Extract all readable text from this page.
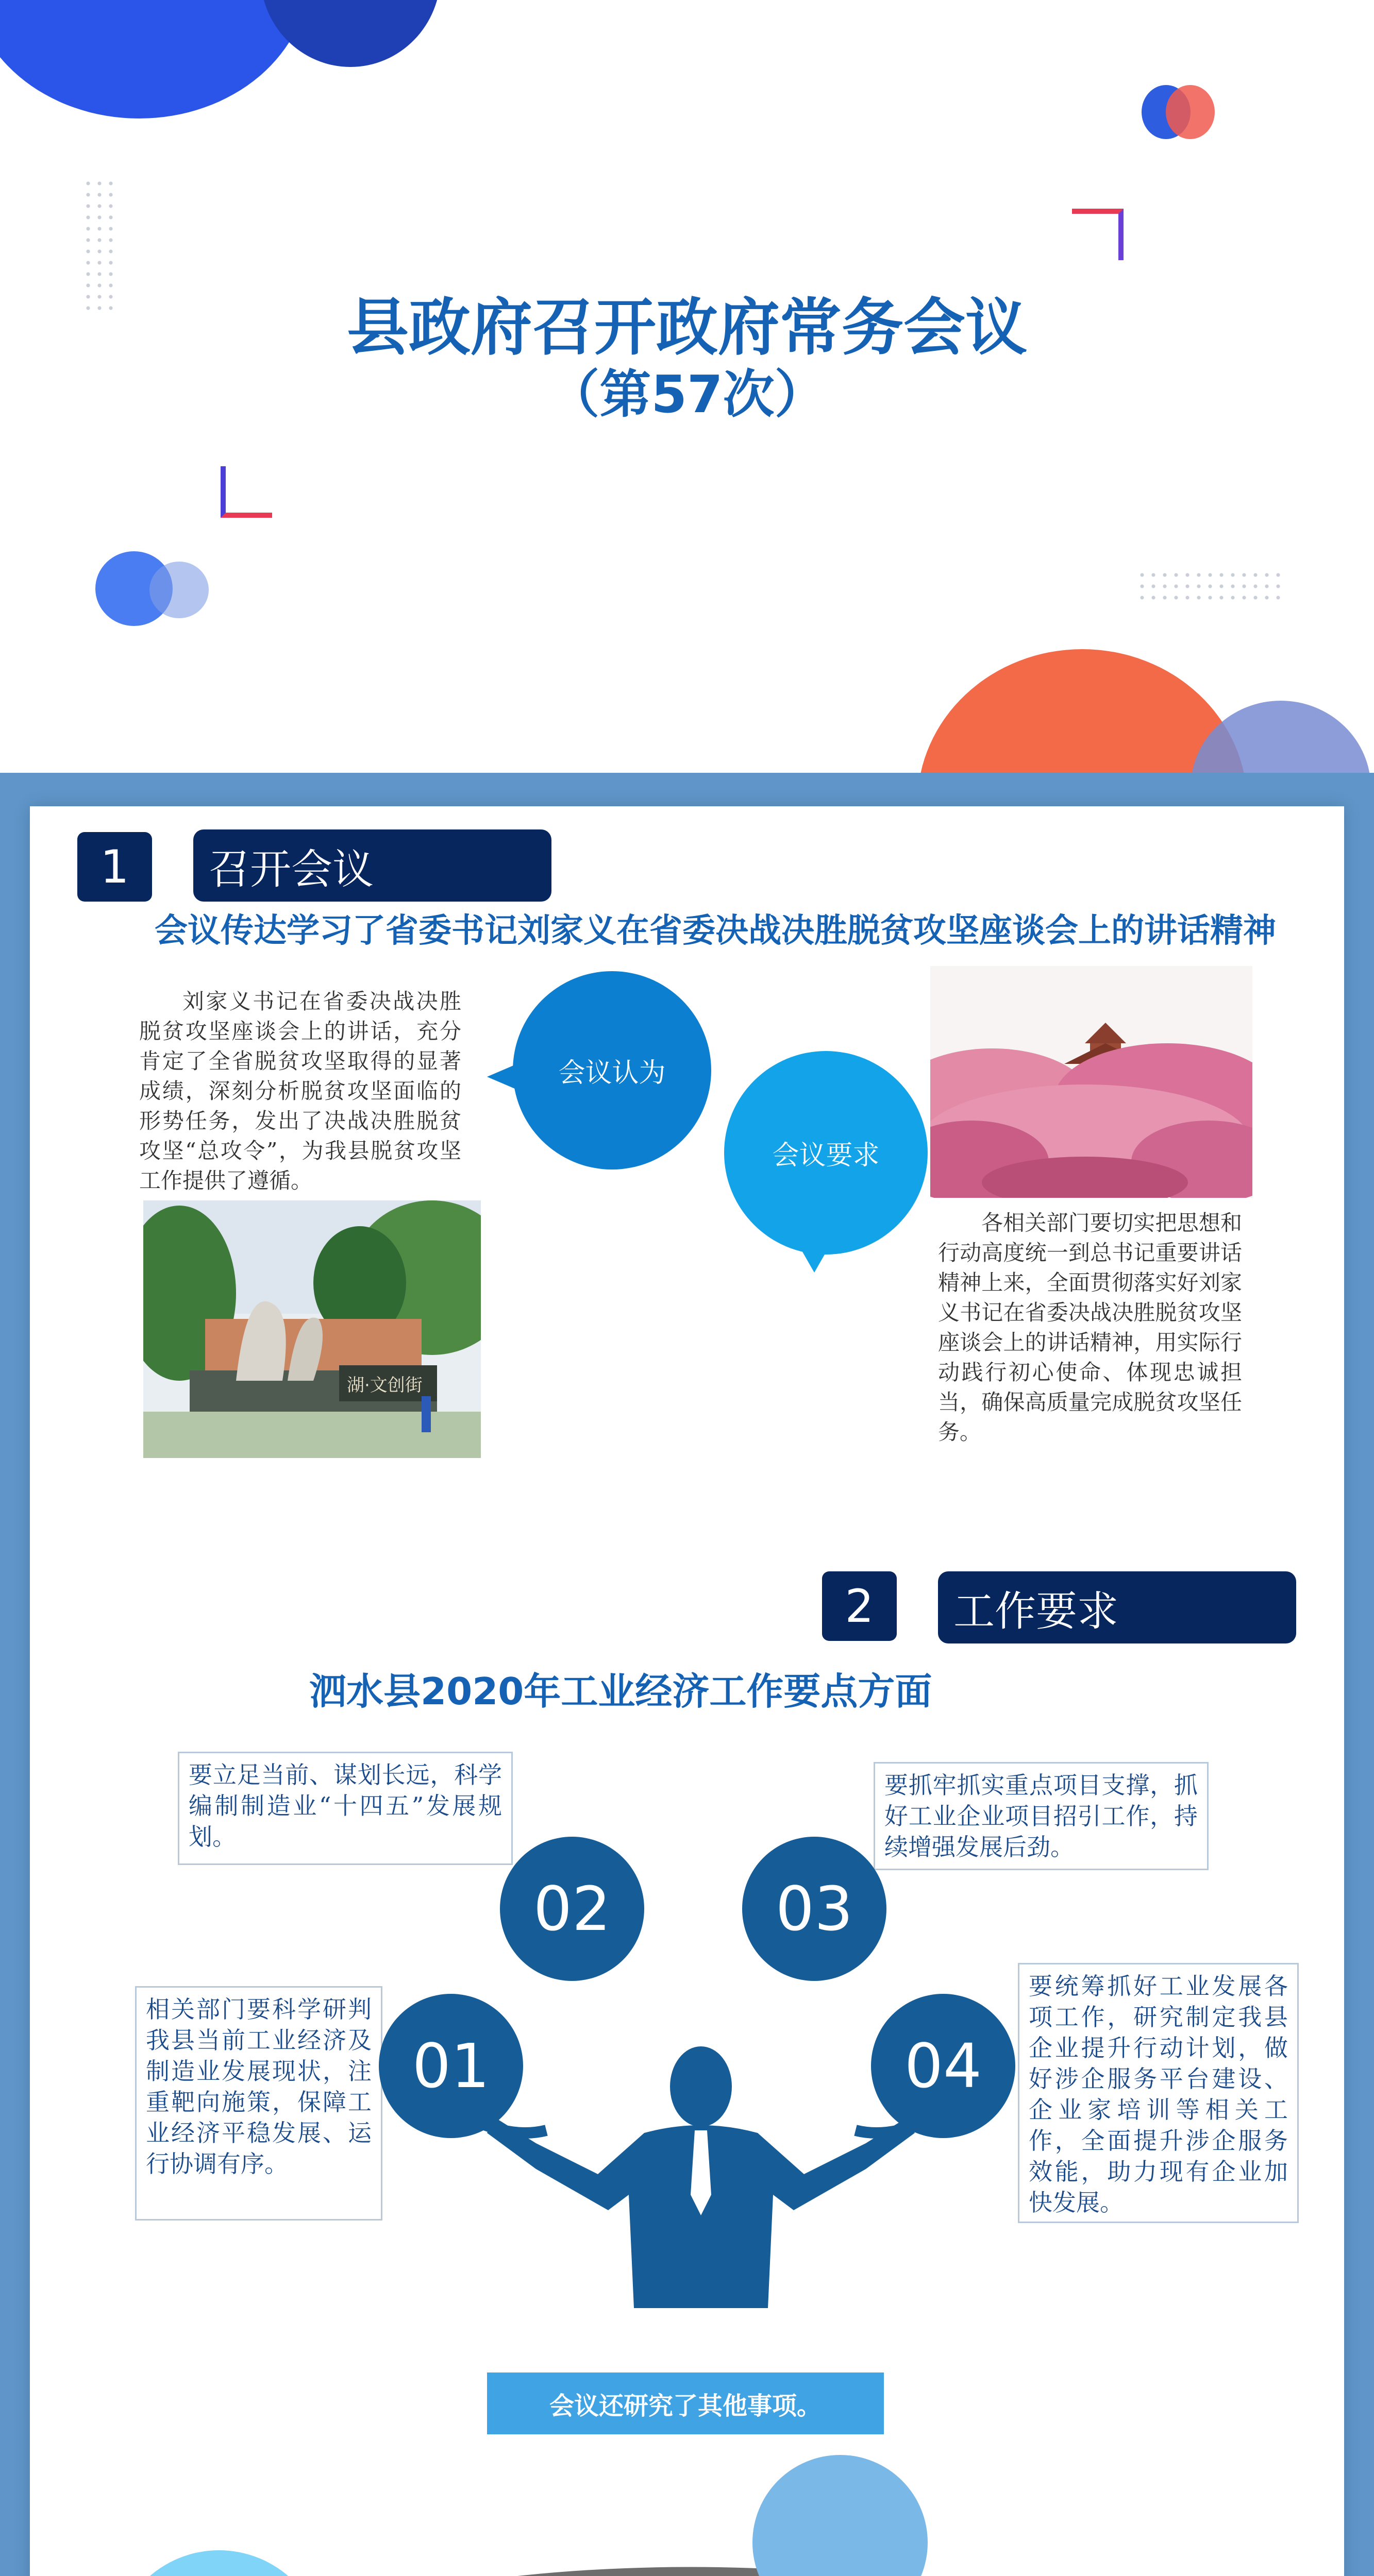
县政府召开政府常务会议
（第57次）
1	召开会议
会议传达学习了省委书记刘家义在省委决战决胜脱贫攻坚座谈会上的讲话精神
刘家义书记在省委决战决胜脱贫攻坚座谈会上的讲话，充分肯定了全省脱贫攻坚取得的显著成绩，深刻分析脱贫攻坚面临的形势任务，发出了决战决胜脱贫攻坚“总攻令”，为我县脱贫攻坚工作提供了遵循。
湖·文创街
会议认为
会议要求
各相关部门要切实把思想和行动高度统一到总书记重要讲话精神上来，全面贯彻落实好刘家义书记在省委决战决胜脱贫攻坚座谈会上的讲话精神，用实际行动践行初心使命、体现忠诚担当，确保高质量完成脱贫攻坚任务。
2	工作要求
泗水县2020年工业经济工作要点方面
要立足当前、谋划长远，科学编制制造业“十四五”发展规划。
要抓牢抓实重点项目支撑，抓好工业企业项目招引工作，持续增强发展后劲。
相关部门要科学研判我县当前工业经济及制造业发展现状，注重靶向施策，保障工业经济平稳发展、运行协调有序。
要统筹抓好工业发展各项工作，研究制定我县企业提升行动计划，做好涉企服务平台建设、企业家培训等相关工作，全面提升涉企服务效能，助力现有企业加快发展。
02	03
01	04
会议还研究了其他事项。
